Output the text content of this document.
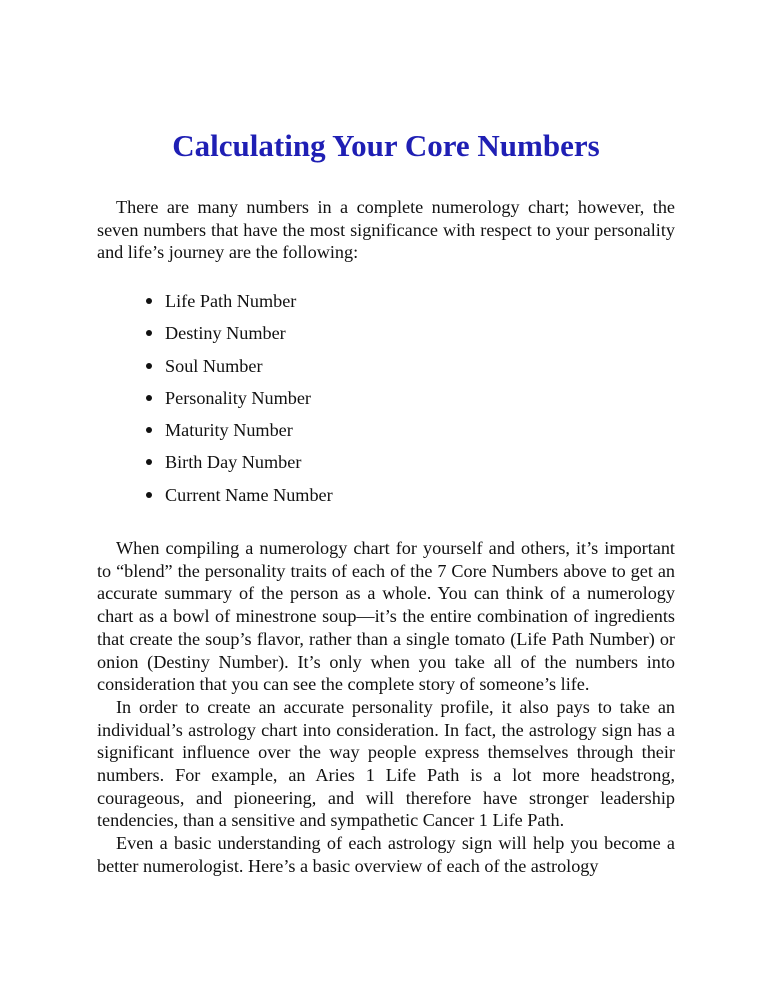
Calculating Your Core Numbers

There are many numbers in a complete numerology chart; however, the seven numbers that have the most significance with respect to your personality and life’s journey are the following:

Life Path Number
Destiny Number
Soul Number
Personality Number
Maturity Number
Birth Day Number
Current Name Number

When compiling a numerology chart for yourself and others, it’s important to “blend” the personality traits of each of the 7 Core Numbers above to get an accurate summary of the person as a whole. You can think of a numerology chart as a bowl of minestrone soup—it’s the entire combination of ingredients that create the soup’s flavor, rather than a single tomato (Life Path Number) or onion (Destiny Number). It’s only when you take all of the numbers into consideration that you can see the complete story of someone’s life.

In order to create an accurate personality profile, it also pays to take an individual’s astrology chart into consideration. In fact, the astrology sign has a significant influence over the way people express themselves through their numbers. For example, an Aries 1 Life Path is a lot more headstrong, courageous, and pioneering, and will therefore have stronger leadership tendencies, than a sensitive and sympathetic Cancer 1 Life Path.

Even a basic understanding of each astrology sign will help you become a better numerologist. Here’s a basic overview of each of the astrology
